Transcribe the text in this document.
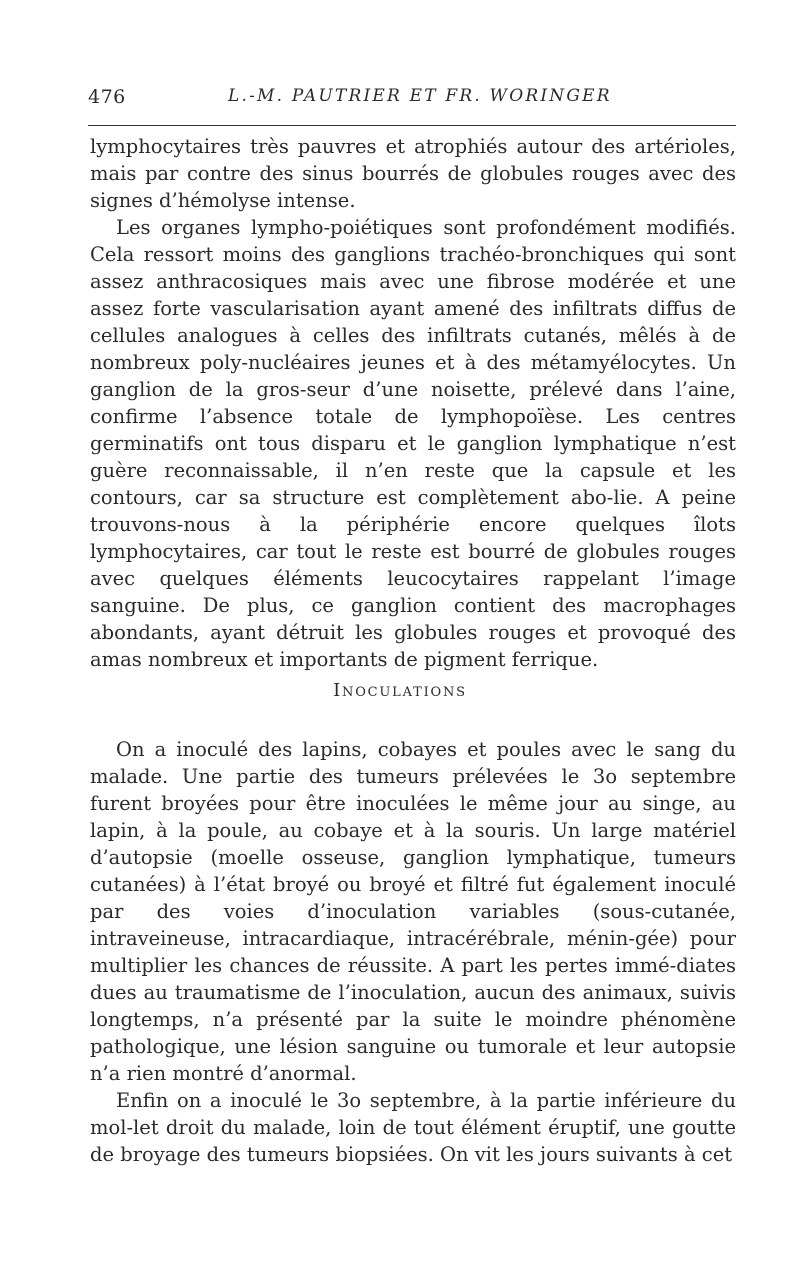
476	L.-M. PAUTRIER ET FR. WORINGER

lymphocytaires très pauvres et atrophiés autour des artérioles, mais par contre des sinus bourrés de globules rouges avec des signes d’hémolyse intense.

Les organes lympho-poiétiques sont profondément modifiés. Cela ressort moins des ganglions trachéo-bronchiques qui sont assez anthracosiques mais avec une fibrose modérée et une assez forte vascularisation ayant amené des infiltrats diffus de cellules analogues à celles des infiltrats cutanés, mêlés à de nombreux poly-nucléaires jeunes et à des métamyélocytes. Un ganglion de la gros-seur d’une noisette, prélevé dans l’aine, confirme l’absence totale de lymphopoïèse. Les centres germinatifs ont tous disparu et le ganglion lymphatique n’est guère reconnaissable, il n’en reste que la capsule et les contours, car sa structure est complètement abo-lie. A peine trouvons-nous à la périphérie encore quelques îlots lymphocytaires, car tout le reste est bourré de globules rouges avec quelques éléments leucocytaires rappelant l’image sanguine. De plus, ce ganglion contient des macrophages abondants, ayant détruit les globules rouges et provoqué des amas nombreux et importants de pigment ferrique.

Inoculations

On a inoculé des lapins, cobayes et poules avec le sang du malade. Une partie des tumeurs prélevées le 3o septembre furent broyées pour être inoculées le même jour au singe, au lapin, à la poule, au cobaye et à la souris. Un large matériel d’autopsie (moelle osseuse, ganglion lymphatique, tumeurs cutanées) à l’état broyé ou broyé et filtré fut également inoculé par des voies d’inoculation variables (sous-cutanée, intraveineuse, intracardiaque, intracérébrale, ménin-gée) pour multiplier les chances de réussite. A part les pertes immé-diates dues au traumatisme de l’inoculation, aucun des animaux, suivis longtemps, n’a présenté par la suite le moindre phénomène pathologique, une lésion sanguine ou tumorale et leur autopsie n’a rien montré d’anormal.

Enfin on a inoculé le 3o septembre, à la partie inférieure du mol-let droit du malade, loin de tout élément éruptif, une goutte de broyage des tumeurs biopsiées. On vit les jours suivants à cet
